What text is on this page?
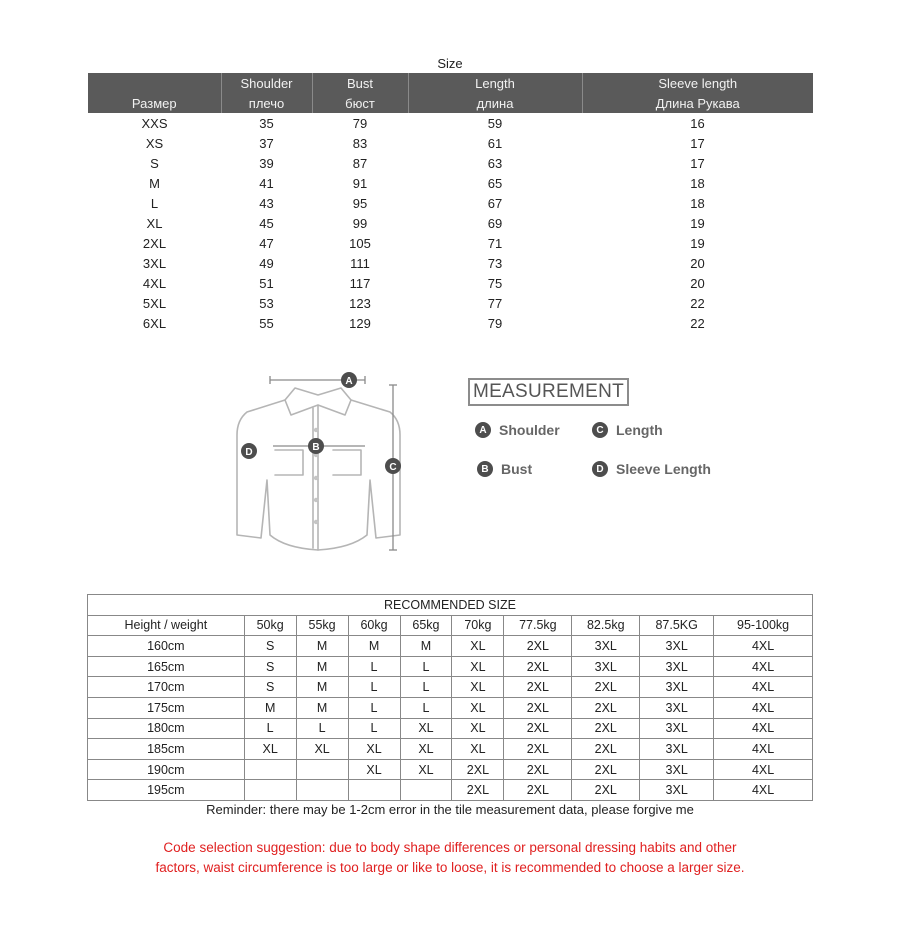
Size
	Shoulder	Bust	Length	Sleeve length
Размер	плечо	бюст	длина	Длина Рукава
XXS	35	79	59	16
XS	37	83	61	17
S	39	87	63	17
M	41	91	65	18
L	43	95	67	18
XL	45	99	69	19
2XL	47	105	71	19
3XL	49	111	73	20
4XL	51	117	75	20
5XL	53	123	77	22
6XL	55	129	79	22
A
B
C
D
MEASUREMENT
A Shoulder	C Length
B Bust	D Sleeve Length
RECOMMENDED SIZE									
Height / weight	50kg	55kg	60kg	65kg	70kg	77.5kg	82.5kg	87.5KG	95-100kg
160cm	S	M	M	M	XL	2XL	3XL	3XL	4XL
165cm	S	M	L	L	XL	2XL	3XL	3XL	4XL
170cm	S	M	L	L	XL	2XL	2XL	3XL	4XL
175cm	M	M	L	L	XL	2XL	2XL	3XL	4XL
180cm	L	L	L	XL	XL	2XL	2XL	3XL	4XL
185cm	XL	XL	XL	XL	XL	2XL	2XL	3XL	4XL
190cm			XL	XL	2XL	2XL	2XL	3XL	4XL
195cm					2XL	2XL	2XL	3XL	4XL
Reminder: there may be 1-2cm error in the tile measurement data, please forgive me
Code selection suggestion: due to body shape differences or personal dressing habits and other
factors, waist circumference is too large or like to loose, it is recommended to choose a larger size.
